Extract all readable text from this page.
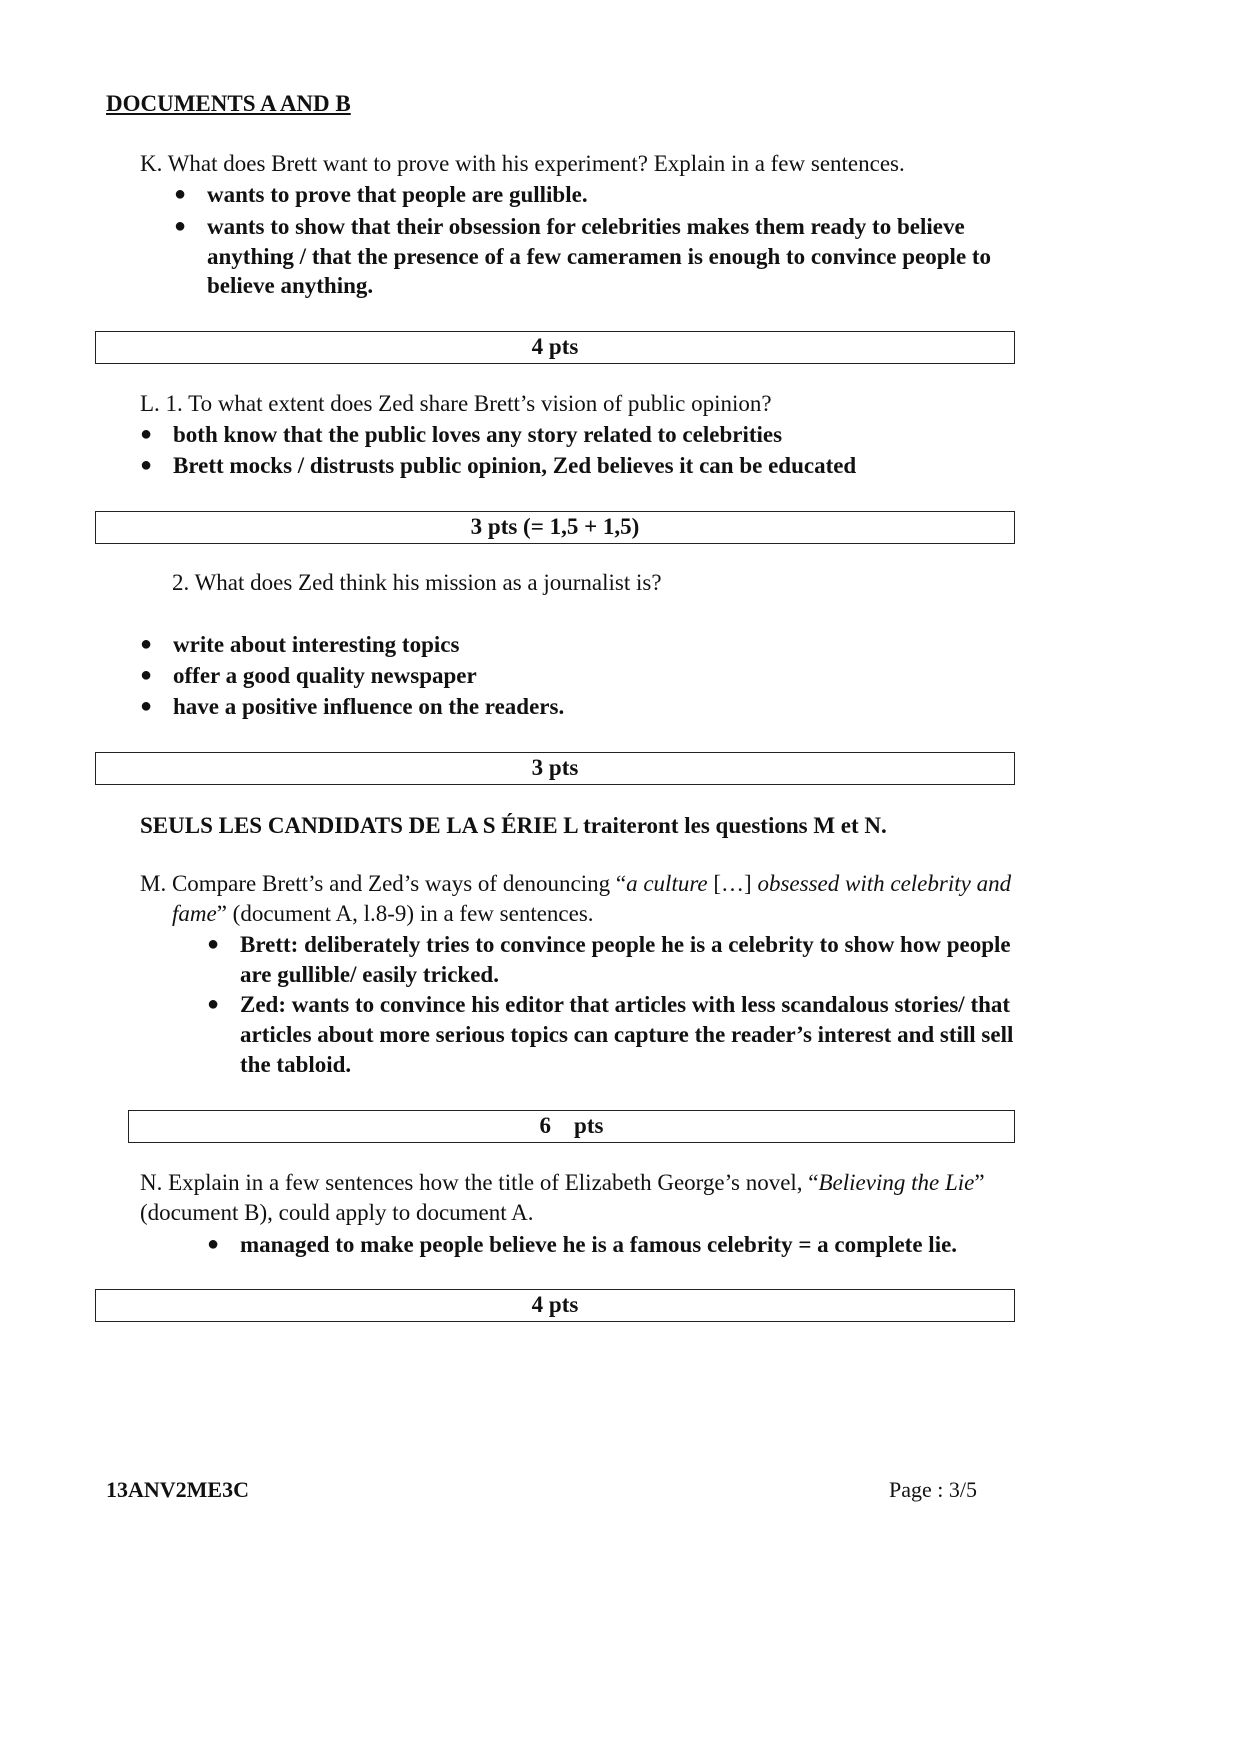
DOCUMENTS A AND B
K. What does Brett want to prove with his experiment? Explain in a few sentences.
● wants to prove that people are gullible.
● wants to show that their obsession for celebrities makes them ready to believe
anything / that the presence of a few cameramen is enough to convince people to
believe anything.
4 pts
L. 1. To what extent does Zed share Brett’s vision of public opinion?
● both know that the public loves any story related to celebrities
● Brett mocks / distrusts public opinion, Zed believes it can be educated
3 pts (= 1,5 + 1,5)
2. What does Zed think his mission as a journalist is?
● write about interesting topics
● offer a good quality newspaper
● have a positive influence on the readers.
3 pts
SEULS LES CANDIDATS DE LA S ÉRIE L traiteront les questions M et N.
M. Compare Brett’s and Zed’s ways of denouncing “a culture […] obsessed with celebrity and
fame” (document A, l.8-9) in a few sentences.
● Brett: deliberately tries to convince people he is a celebrity to show how people
are gullible/ easily tricked.
● Zed: wants to convince his editor that articles with less scandalous stories/ that
articles about more serious topics can capture the reader’s interest and still sell
the tabloid.
6    pts
N. Explain in a few sentences how the title of Elizabeth George’s novel, “Believing the Lie”
(document B), could apply to document A.
● managed to make people believe he is a famous celebrity = a complete lie.
4 pts
13ANV2ME3C	Page : 3/5
